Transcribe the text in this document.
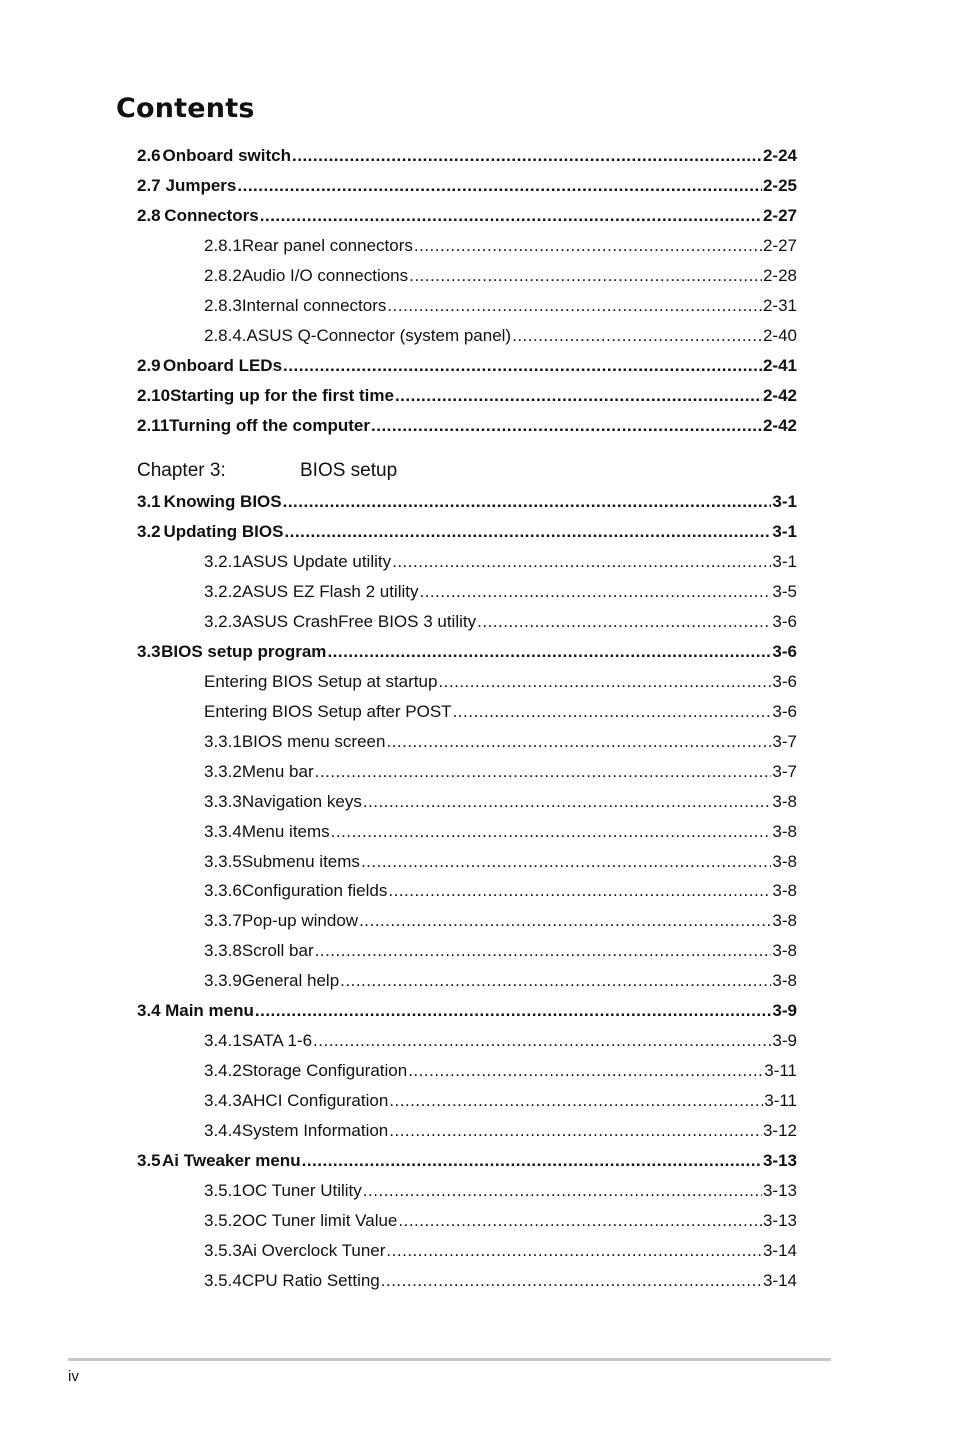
Contents
2.6 Onboard switch .....	2-24
2.7 Jumpers .....	2-25
2.8 Connectors .....	2-27
2.8.1 Rear panel connectors .....	2-27
2.8.2 Audio I/O connections .....	2-28
2.8.3 Internal connectors .....	2-31
2.8.4. ASUS Q-Connector (system panel) .....	2-40
2.9 Onboard LEDs .....	2-41
2.10 Starting up for the first time .....	2-42
2.11 Turning off the computer .....	2-42
Chapter 3:	BIOS setup
3.1 Knowing BIOS .....	3-1
3.2 Updating BIOS .....	3-1
3.2.1 ASUS Update utility .....	3-1
3.2.2 ASUS EZ Flash 2 utility .....	3-5
3.2.3 ASUS CrashFree BIOS 3 utility .....	3-6
3.3 BIOS setup program .....	3-6
Entering BIOS Setup at startup .....	3-6
Entering BIOS Setup after POST .....	3-6
3.3.1 BIOS menu screen .....	3-7
3.3.2 Menu bar .....	3-7
3.3.3 Navigation keys .....	3-8
3.3.4 Menu items .....	3-8
3.3.5 Submenu items .....	3-8
3.3.6 Configuration fields .....	3-8
3.3.7 Pop-up window .....	3-8
3.3.8 Scroll bar .....	3-8
3.3.9 General help .....	3-8
3.4 Main menu .....	3-9
3.4.1 SATA 1-6 .....	3-9
3.4.2 Storage Configuration .....	3-11
3.4.3 AHCI Configuration .....	3-11
3.4.4 System Information .....	3-12
3.5 Ai Tweaker menu .....	3-13
3.5.1 OC Tuner Utility .....	3-13
3.5.2 OC Tuner limit Value .....	3-13
3.5.3 Ai Overclock Tuner .....	3-14
3.5.4 CPU Ratio Setting .....	3-14
iv
